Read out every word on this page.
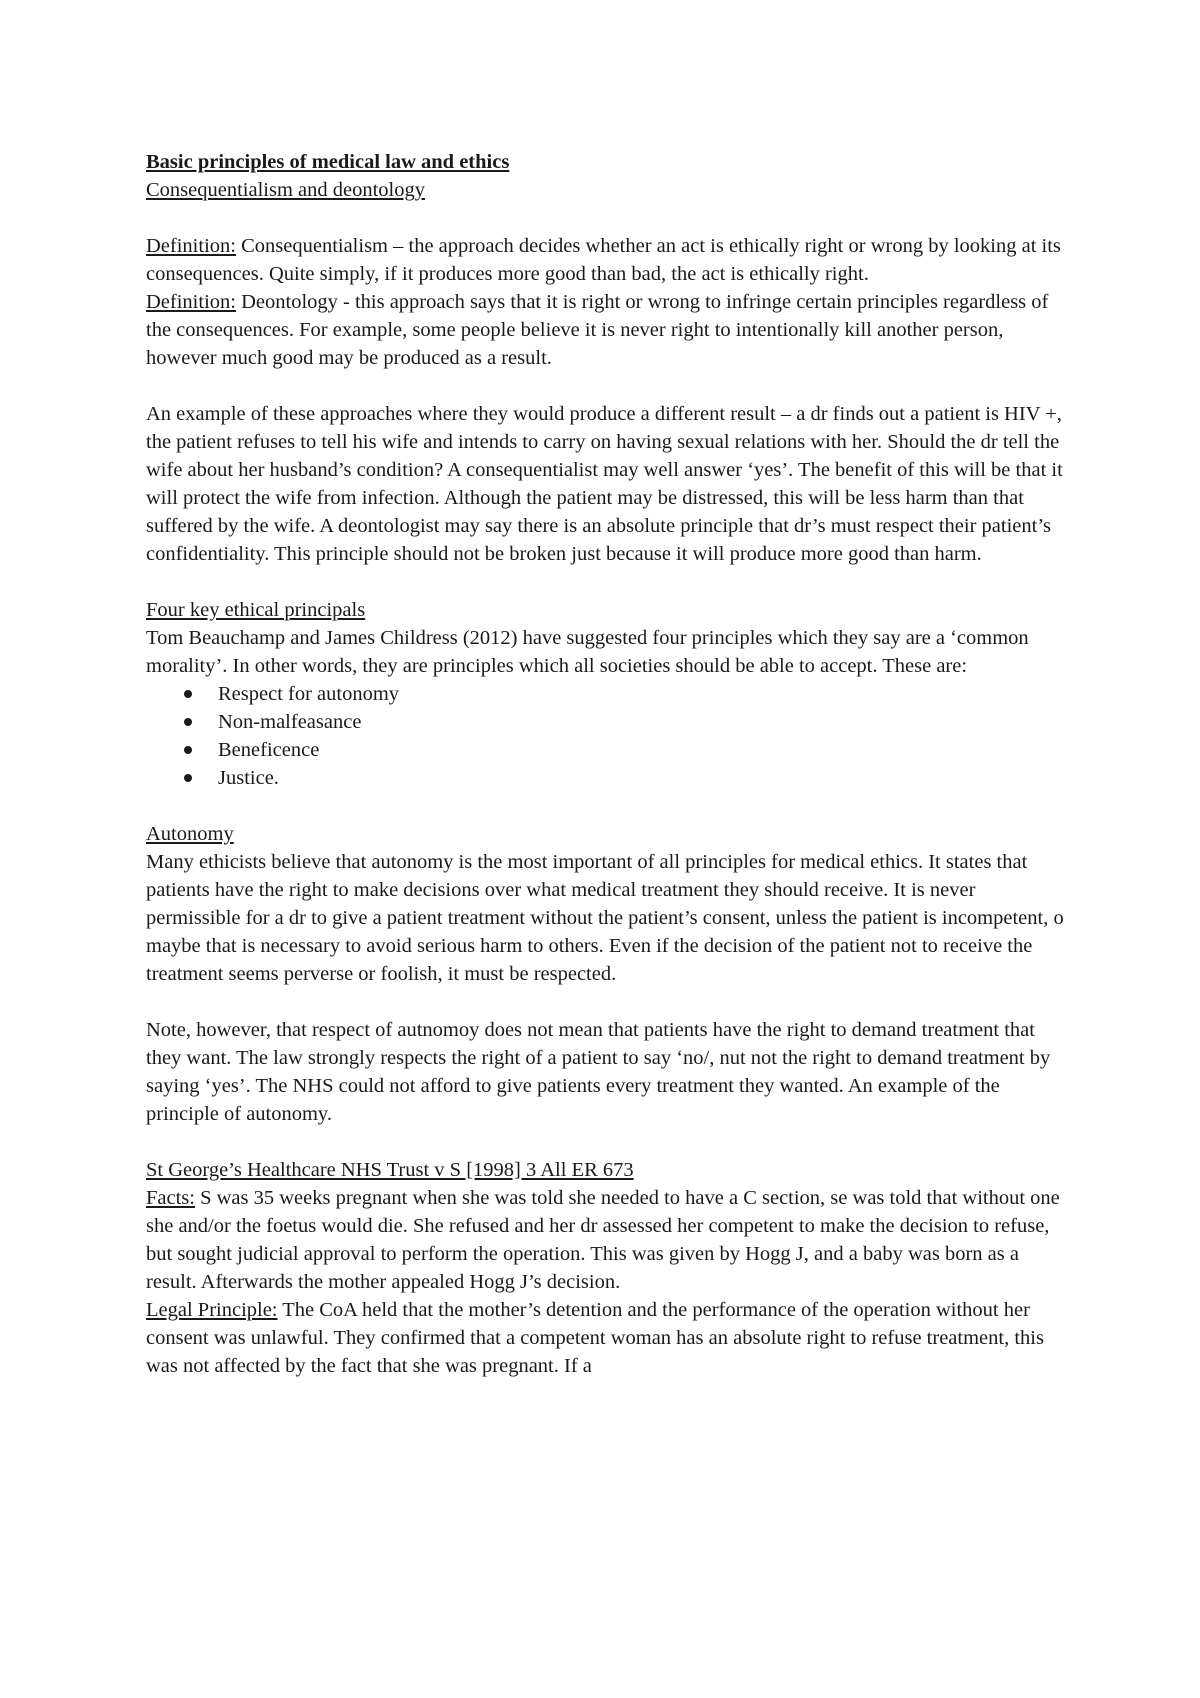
Basic principles of medical law and ethics

Consequentialism and deontology

Definition: Consequentialism – the approach decides whether an act is ethically right or wrong by looking at its consequences. Quite simply, if it produces more good than bad, the act is ethically right.

Definition: Deontology - this approach says that it is right or wrong to infringe certain principles regardless of the consequences. For example, some people believe it is never right to intentionally kill another person, however much good may be produced as a result.

An example of these approaches where they would produce a different result – a dr finds out a patient is HIV +, the patient refuses to tell his wife and intends to carry on having sexual relations with her. Should the dr tell the wife about her husband’s condition? A consequentialist may well answer ‘yes’. The benefit of this will be that it will protect the wife from infection. Although the patient may be distressed, this will be less harm than that suffered by the wife. A deontologist may say there is an absolute principle that dr’s must respect their patient’s confidentiality. This principle should not be broken just because it will produce more good than harm.

Four key ethical principals

Tom Beauchamp and James Childress (2012) have suggested four principles which they say are a ‘common morality’. In other words, they are principles which all societies should be able to accept. These are:

Respect for autonomy
Non-malfeasance
Beneficence
Justice.

Autonomy

Many ethicists believe that autonomy is the most important of all principles for medical ethics. It states that patients have the right to make decisions over what medical treatment they should receive. It is never permissible for a dr to give a patient treatment without the patient’s consent, unless the patient is incompetent, o maybe that is necessary to avoid serious harm to others. Even if the decision of the patient not to receive the treatment seems perverse or foolish, it must be respected.

Note, however, that respect of autnomoy does not mean that patients have the right to demand treatment that they want. The law strongly respects the right of a patient to say ‘no/, nut not the right to demand treatment by saying ‘yes’. The NHS could not afford to give patients every treatment they wanted. An example of the principle of autonomy.

St George’s Healthcare NHS Trust v S [1998] 3 All ER 673

Facts: S was 35 weeks pregnant when she was told she needed to have a C section, se was told that without one she and/or the foetus would die. She refused and her dr assessed her competent to make the decision to refuse, but sought judicial approval to perform the operation. This was given by Hogg J, and a baby was born as a result. Afterwards the mother appealed Hogg J’s decision.

Legal Principle: The CoA held that the mother’s detention and the performance of the operation without her consent was unlawful. They confirmed that a competent woman has an absolute right to refuse treatment, this was not affected by the fact that she was pregnant. If a
